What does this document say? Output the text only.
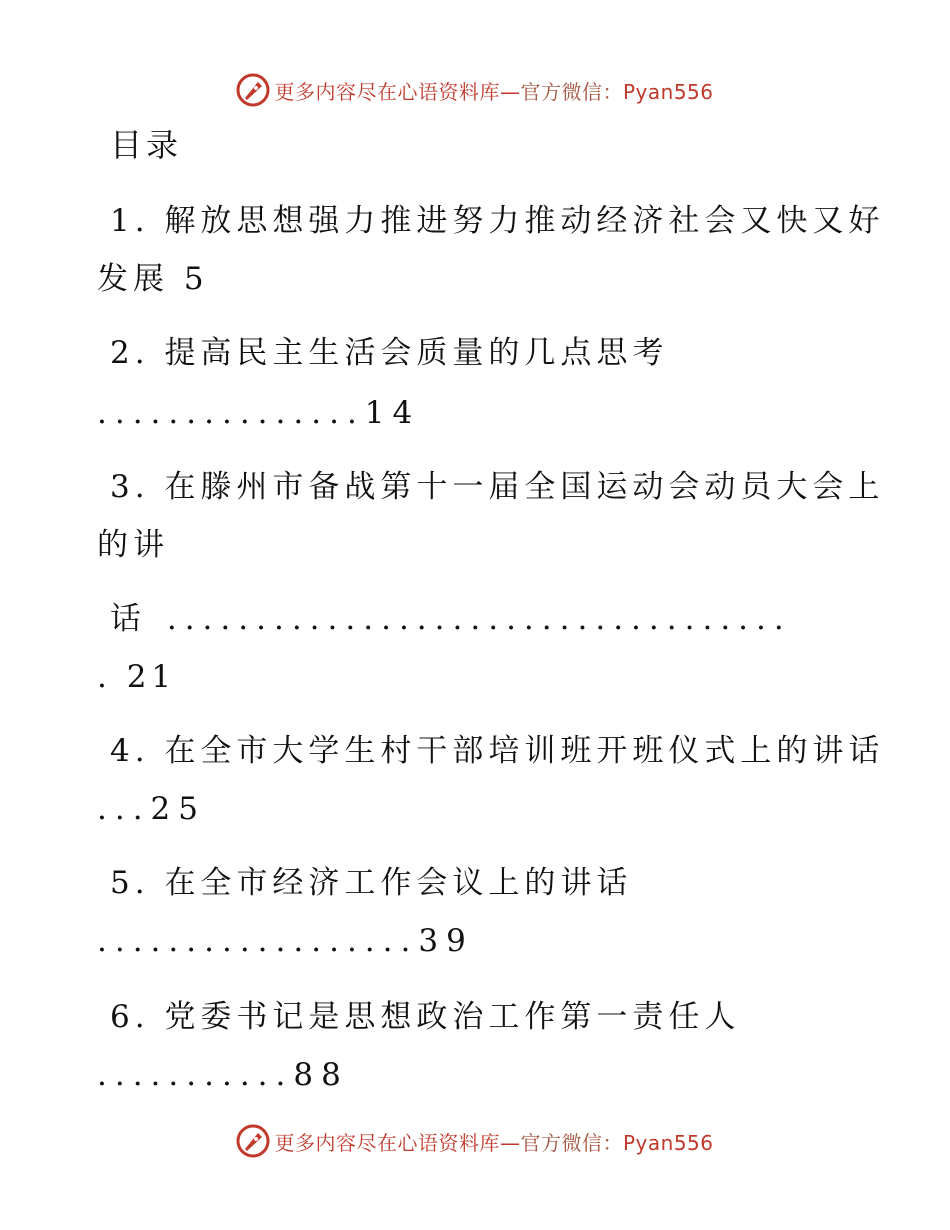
更多内容尽在心语资料库—官方微信：Pyan556
目录
1. 解放思想强力推进努力推动经济社会又快又好
发展 5
2. 提高民主生活会质量的几点思考
...............14
3. 在滕州市备战第十一届全国运动会动员大会上
的讲
话 ...................................
. 21
4. 在全市大学生村干部培训班开班仪式上的讲话
...25
5. 在全市经济工作会议上的讲话
..................39
6. 党委书记是思想政治工作第一责任人
...........88
更多内容尽在心语资料库—官方微信：Pyan556
